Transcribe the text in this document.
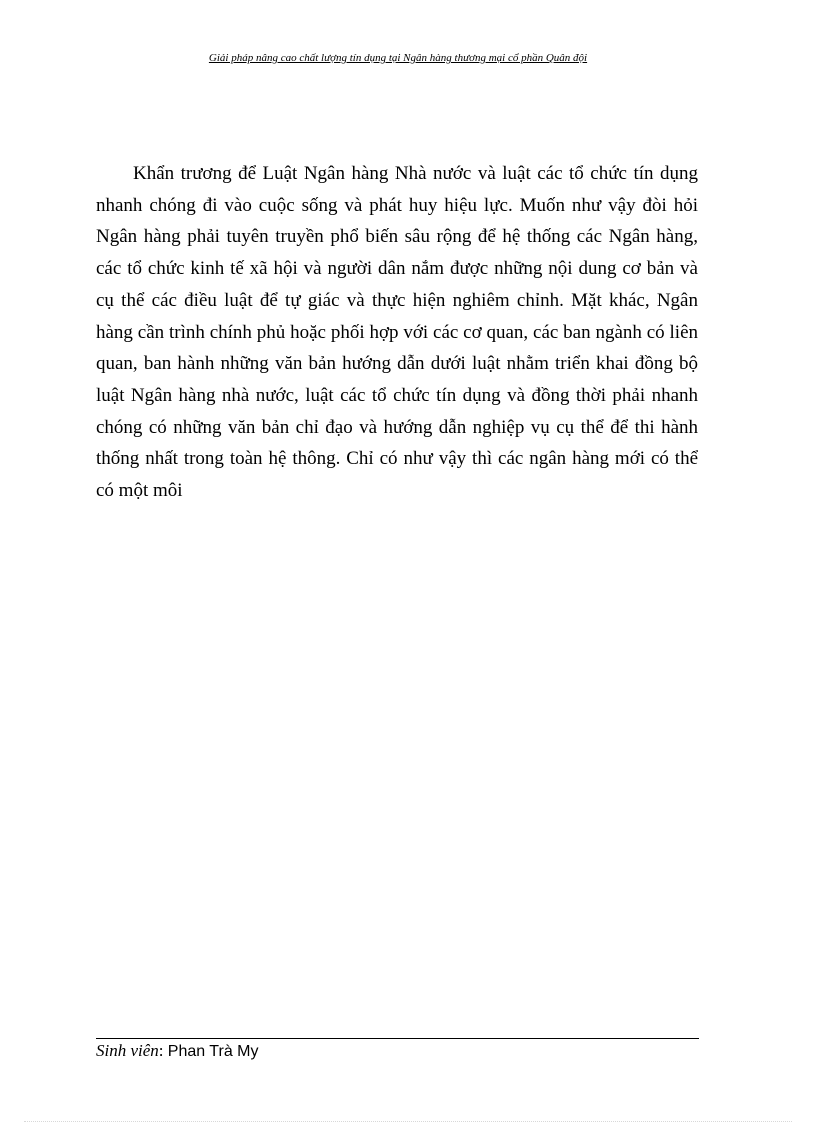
Giải pháp nâng cao chất lượng tín dụng tại Ngân hàng thương mại cổ phần Quân đội

Khẩn trương để Luật Ngân hàng Nhà nước và luật các tổ chức tín dụng nhanh chóng đi vào cuộc sống và phát huy hiệu lực. Muốn như vậy đòi hỏi Ngân hàng phải tuyên truyền phổ biến sâu rộng để hệ thống các Ngân hàng, các tổ chức kinh tế xã hội và người dân nắm được những nội dung cơ bản và cụ thể các điều luật để tự giác và thực hiện nghiêm chỉnh. Mặt khác, Ngân hàng cần trình chính phủ hoặc phối hợp với các cơ quan, các ban ngành có liên quan, ban hành những văn bản hướng dẫn dưới luật nhằm triển khai đồng bộ luật Ngân hàng nhà nước, luật các tổ chức tín dụng và đồng thời phải nhanh chóng có những văn bản chỉ đạo và hướng dẫn nghiệp vụ cụ thể để thi hành thống nhất trong toàn hệ thông. Chỉ có như vậy thì các ngân hàng mới có thể có một môi

Sinh viên: Phan Trà My
